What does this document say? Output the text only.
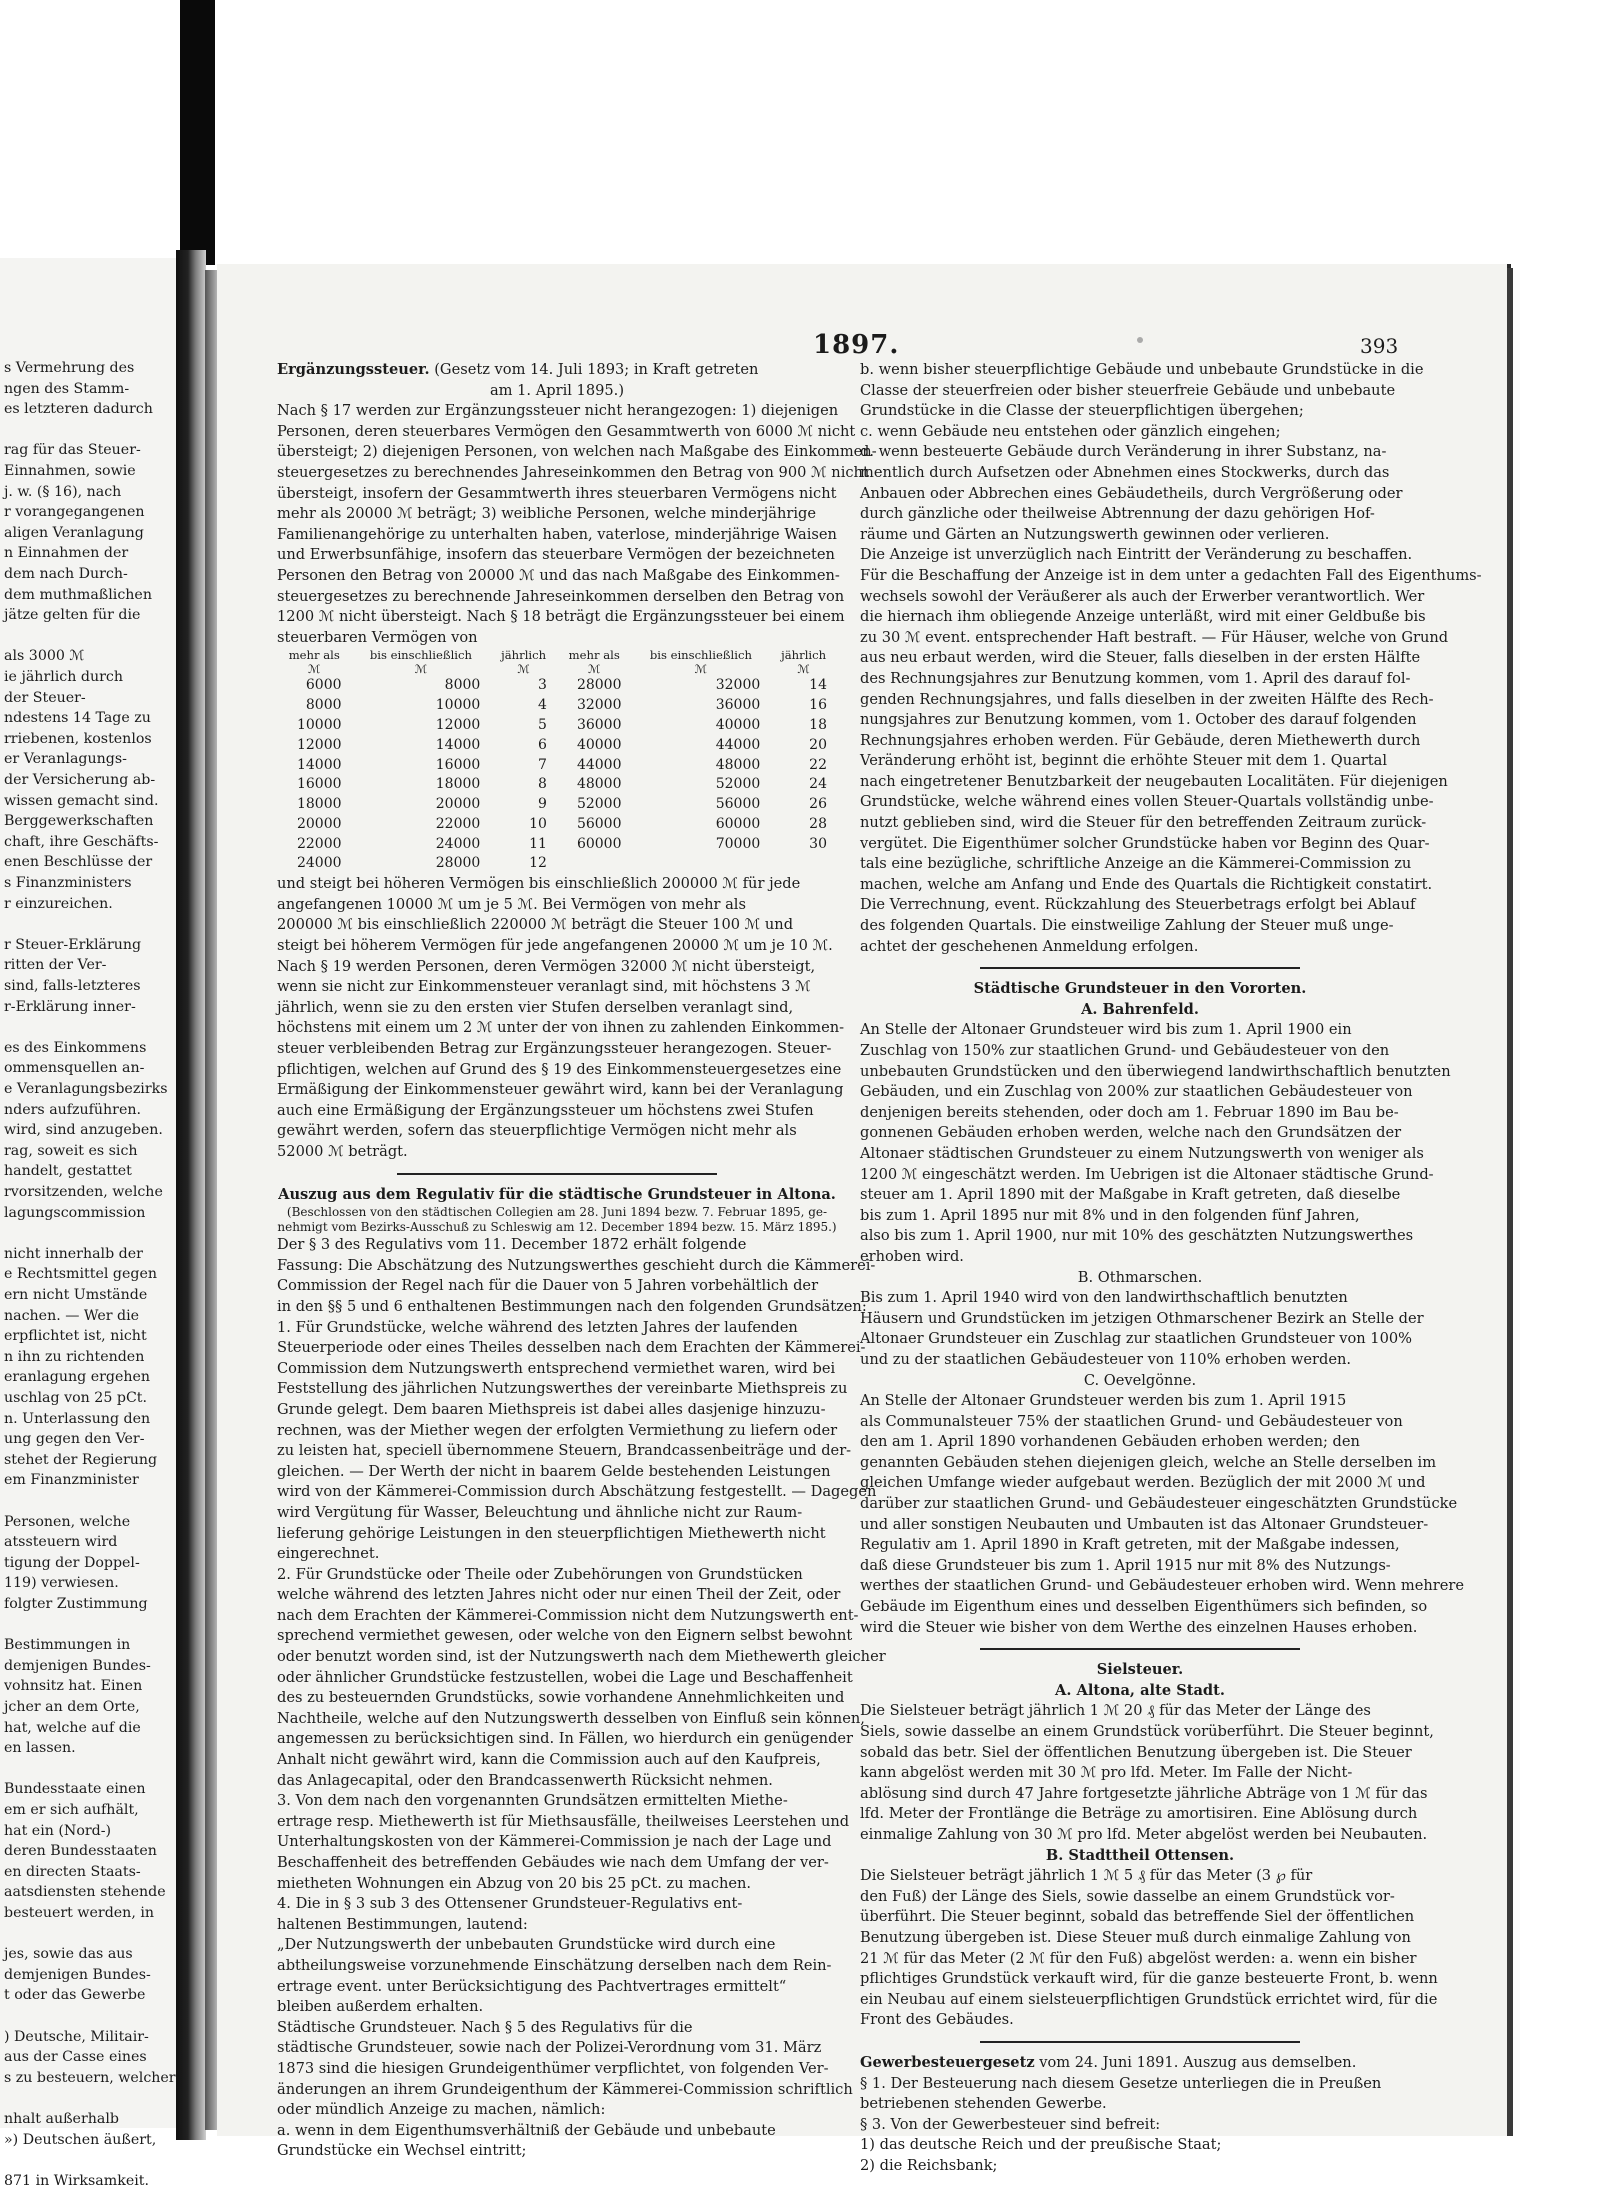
s Vermehrung des
ngen des Stamm-
es letzteren dadurch
rag für das Steuer-
Einnahmen, sowie
j. w. (§ 16), nach
r vorangegangenen
aligen Veranlagung
n Einnahmen der
dem nach Durch-
dem muthmaßlichen
jätze gelten für die
als 3000 ℳ
ie jährlich durch
der Steuer-
ndestens 14 Tage zu
rriebenen, kostenlos
er Veranlagungs-
der Versicherung ab-
wissen gemacht sind.
Berggewerkschaften
chaft, ihre Geschäfts-
enen Beschlüsse der
s Finanzministers
r einzureichen.
r Steuer-Erklärung
ritten der Ver-
sind, falls-letzteres
r-Erklärung inner-
es des Einkommens
ommensquellen an-
e Veranlagungsbezirks
nders aufzuführen.
wird, sind anzugeben.
rag, soweit es sich
handelt, gestattet
rvorsitzenden, welche
lagungscommission
nicht innerhalb der
e Rechtsmittel gegen
ern nicht Umstände
nachen. — Wer die
erpflichtet ist, nicht
n ihn zu richtenden
eranlagung ergehen
uschlag von 25 pCt.
n. Unterlassung den
ung gegen den Ver-
stehet der Regierung
em Finanzminister
Personen, welche
atssteuern wird
tigung der Doppel-
119) verwiesen.
folgter Zustimmung
Bestimmungen in
demjenigen Bundes-
vohnsitz hat. Einen
jcher an dem Orte,
hat, welche auf die
en lassen.
Bundesstaate einen
em er sich aufhält,
hat ein (Nord-)
deren Bundesstaaten
en directen Staats-
aatsdiensten stehende
besteuert werden, in
jes, sowie das aus
demjenigen Bundes-
t oder das Gewerbe
) Deutsche, Militair-
aus der Casse eines
s zu besteuern, welcher
nhalt außerhalb
») Deutschen äußert,
871 in Wirksamkeit.
1897.	393
Ergänzungssteuer. (Gesetz vom 14. Juli 1893; in Kraft getreten
am 1. April 1895.)
Nach § 17 werden zur Ergänzungssteuer nicht herangezogen: 1) diejenigen
Personen, deren steuerbares Vermögen den Gesammtwerth von 6000 ℳ nicht
übersteigt; 2) diejenigen Personen, von welchen nach Maßgabe des Einkommen-
steuergesetzes zu berechnendes Jahreseinkommen den Betrag von 900 ℳ nicht
übersteigt, insofern der Gesammtwerth ihres steuerbaren Vermögens nicht
mehr als 20000 ℳ beträgt; 3) weibliche Personen, welche minderjährige
Familienangehörige zu unterhalten haben, vaterlose, minderjährige Waisen
und Erwerbsunfähige, insofern das steuerbare Vermögen der bezeichneten
Personen den Betrag von 20000 ℳ und das nach Maßgabe des Einkommen-
steuergesetzes zu berechnende Jahreseinkommen derselben den Betrag von
1200 ℳ nicht übersteigt. Nach § 18 beträgt die Ergänzungssteuer bei einem
steuerbaren Vermögen von
mehr als	bis einschließlich	jährlich	mehr als	bis einschließlich	jährlich
ℳ	ℳ	ℳ	ℳ	ℳ	ℳ
6000	8000	3	28000	32000	14
8000	10000	4	32000	36000	16
10000	12000	5	36000	40000	18
12000	14000	6	40000	44000	20
14000	16000	7	44000	48000	22
16000	18000	8	48000	52000	24
18000	20000	9	52000	56000	26
20000	22000	10	56000	60000	28
22000	24000	11	60000	70000	30
24000	28000	12			
und steigt bei höheren Vermögen bis einschließlich 200000 ℳ für jede
angefangenen 10000 ℳ um je 5 ℳ. Bei Vermögen von mehr als
200000 ℳ bis einschließlich 220000 ℳ beträgt die Steuer 100 ℳ und
steigt bei höherem Vermögen für jede angefangenen 20000 ℳ um je 10 ℳ.
Nach § 19 werden Personen, deren Vermögen 32000 ℳ nicht übersteigt,
wenn sie nicht zur Einkommensteuer veranlagt sind, mit höchstens 3 ℳ
jährlich, wenn sie zu den ersten vier Stufen derselben veranlagt sind,
höchstens mit einem um 2 ℳ unter der von ihnen zu zahlenden Einkommen-
steuer verbleibenden Betrag zur Ergänzungssteuer herangezogen. Steuer-
pflichtigen, welchen auf Grund des § 19 des Einkommensteuergesetzes eine
Ermäßigung der Einkommensteuer gewährt wird, kann bei der Veranlagung
auch eine Ermäßigung der Ergänzungssteuer um höchstens zwei Stufen
gewährt werden, sofern das steuerpflichtige Vermögen nicht mehr als
52000 ℳ beträgt.
Auszug aus dem Regulativ für die städtische Grundsteuer in Altona.
(Beschlossen von den städtischen Collegien am 28. Juni 1894 bezw. 7. Februar 1895, ge-
nehmigt vom Bezirks-Ausschuß zu Schleswig am 12. December 1894 bezw. 15. März 1895.)
Der § 3 des Regulativs vom 11. December 1872 erhält folgende
Fassung: Die Abschätzung des Nutzungswerthes geschieht durch die Kämmerei-
Commission der Regel nach für die Dauer von 5 Jahren vorbehältlich der
in den §§ 5 und 6 enthaltenen Bestimmungen nach den folgenden Grundsätzen:
1. Für Grundstücke, welche während des letzten Jahres der laufenden
Steuerperiode oder eines Theiles desselben nach dem Erachten der Kämmerei-
Commission dem Nutzungswerth entsprechend vermiethet waren, wird bei
Feststellung des jährlichen Nutzungswerthes der vereinbarte Miethspreis zu
Grunde gelegt. Dem baaren Miethspreis ist dabei alles dasjenige hinzuzu-
rechnen, was der Miether wegen der erfolgten Vermiethung zu liefern oder
zu leisten hat, speciell übernommene Steuern, Brandcassenbeiträge und der-
gleichen. — Der Werth der nicht in baarem Gelde bestehenden Leistungen
wird von der Kämmerei-Commission durch Abschätzung festgestellt. — Dagegen
wird Vergütung für Wasser, Beleuchtung und ähnliche nicht zur Raum-
lieferung gehörige Leistungen in den steuerpflichtigen Miethewerth nicht
eingerechnet.
2. Für Grundstücke oder Theile oder Zubehörungen von Grundstücken
welche während des letzten Jahres nicht oder nur einen Theil der Zeit, oder
nach dem Erachten der Kämmerei-Commission nicht dem Nutzungswerth ent-
sprechend vermiethet gewesen, oder welche von den Eignern selbst bewohnt
oder benutzt worden sind, ist der Nutzungswerth nach dem Miethewerth gleicher
oder ähnlicher Grundstücke festzustellen, wobei die Lage und Beschaffenheit
des zu besteuernden Grundstücks, sowie vorhandene Annehmlichkeiten und
Nachtheile, welche auf den Nutzungswerth desselben von Einfluß sein können,
angemessen zu berücksichtigen sind. In Fällen, wo hierdurch ein genügender
Anhalt nicht gewährt wird, kann die Commission auch auf den Kaufpreis,
das Anlagecapital, oder den Brandcassenwerth Rücksicht nehmen.
3. Von dem nach den vorgenannten Grundsätzen ermittelten Miethe-
ertrage resp. Miethewerth ist für Miethsausfälle, theilweises Leerstehen und
Unterhaltungskosten von der Kämmerei-Commission je nach der Lage und
Beschaffenheit des betreffenden Gebäudes wie nach dem Umfang der ver-
mietheten Wohnungen ein Abzug von 20 bis 25 pCt. zu machen.
4. Die in § 3 sub 3 des Ottensener Grundsteuer-Regulativs ent-
haltenen Bestimmungen, lautend:
„Der Nutzungswerth der unbebauten Grundstücke wird durch eine
abtheilungsweise vorzunehmende Einschätzung derselben nach dem Rein-
ertrage event. unter Berücksichtigung des Pachtvertrages ermittelt“
bleiben außerdem erhalten.
Städtische Grundsteuer. Nach § 5 des Regulativs für die
städtische Grundsteuer, sowie nach der Polizei-Verordnung vom 31. März
1873 sind die hiesigen Grundeigenthümer verpflichtet, von folgenden Ver-
änderungen an ihrem Grundeigenthum der Kämmerei-Commission schriftlich
oder mündlich Anzeige zu machen, nämlich:
a. wenn in dem Eigenthumsverhältniß der Gebäude und unbebaute
Grundstücke ein Wechsel eintritt;
b. wenn bisher steuerpflichtige Gebäude und unbebaute Grundstücke in die
Classe der steuerfreien oder bisher steuerfreie Gebäude und unbebaute
Grundstücke in die Classe der steuerpflichtigen übergehen;
c. wenn Gebäude neu entstehen oder gänzlich eingehen;
d. wenn besteuerte Gebäude durch Veränderung in ihrer Substanz, na-
mentlich durch Aufsetzen oder Abnehmen eines Stockwerks, durch das
Anbauen oder Abbrechen eines Gebäudetheils, durch Vergrößerung oder
durch gänzliche oder theilweise Abtrennung der dazu gehörigen Hof-
räume und Gärten an Nutzungswerth gewinnen oder verlieren.
Die Anzeige ist unverzüglich nach Eintritt der Veränderung zu beschaffen.
Für die Beschaffung der Anzeige ist in dem unter a gedachten Fall des Eigenthums-
wechsels sowohl der Veräußerer als auch der Erwerber verantwortlich. Wer
die hiernach ihm obliegende Anzeige unterläßt, wird mit einer Geldbuße bis
zu 30 ℳ event. entsprechender Haft bestraft. — Für Häuser, welche von Grund
aus neu erbaut werden, wird die Steuer, falls dieselben in der ersten Hälfte
des Rechnungsjahres zur Benutzung kommen, vom 1. April des darauf fol-
genden Rechnungsjahres, und falls dieselben in der zweiten Hälfte des Rech-
nungsjahres zur Benutzung kommen, vom 1. October des darauf folgenden
Rechnungsjahres erhoben werden. Für Gebäude, deren Miethewerth durch
Veränderung erhöht ist, beginnt die erhöhte Steuer mit dem 1. Quartal
nach eingetretener Benutzbarkeit der neugebauten Localitäten. Für diejenigen
Grundstücke, welche während eines vollen Steuer-Quartals vollständig unbe-
nutzt geblieben sind, wird die Steuer für den betreffenden Zeitraum zurück-
vergütet. Die Eigenthümer solcher Grundstücke haben vor Beginn des Quar-
tals eine bezügliche, schriftliche Anzeige an die Kämmerei-Commission zu
machen, welche am Anfang und Ende des Quartals die Richtigkeit constatirt.
Die Verrechnung, event. Rückzahlung des Steuerbetrags erfolgt bei Ablauf
des folgenden Quartals. Die einstweilige Zahlung der Steuer muß unge-
achtet der geschehenen Anmeldung erfolgen.
Städtische Grundsteuer in den Vororten.
A. Bahrenfeld.
An Stelle der Altonaer Grundsteuer wird bis zum 1. April 1900 ein
Zuschlag von 150% zur staatlichen Grund- und Gebäudesteuer von den
unbebauten Grundstücken und den überwiegend landwirthschaftlich benutzten
Gebäuden, und ein Zuschlag von 200% zur staatlichen Gebäudesteuer von
denjenigen bereits stehenden, oder doch am 1. Februar 1890 im Bau be-
gonnenen Gebäuden erhoben werden, welche nach den Grundsätzen der
Altonaer städtischen Grundsteuer zu einem Nutzungswerth von weniger als
1200 ℳ eingeschätzt werden. Im Uebrigen ist die Altonaer städtische Grund-
steuer am 1. April 1890 mit der Maßgabe in Kraft getreten, daß dieselbe
bis zum 1. April 1895 nur mit 8% und in den folgenden fünf Jahren,
also bis zum 1. April 1900, nur mit 10% des geschätzten Nutzungswerthes
erhoben wird.
B. Othmarschen.
Bis zum 1. April 1940 wird von den landwirthschaftlich benutzten
Häusern und Grundstücken im jetzigen Othmarschener Bezirk an Stelle der
Altonaer Grundsteuer ein Zuschlag zur staatlichen Grundsteuer von 100%
und zu der staatlichen Gebäudesteuer von 110% erhoben werden.
C. Oevelgönne.
An Stelle der Altonaer Grundsteuer werden bis zum 1. April 1915
als Communalsteuer 75% der staatlichen Grund- und Gebäudesteuer von
den am 1. April 1890 vorhandenen Gebäuden erhoben werden; den
genannten Gebäuden stehen diejenigen gleich, welche an Stelle derselben im
gleichen Umfange wieder aufgebaut werden. Bezüglich der mit 2000 ℳ und
darüber zur staatlichen Grund- und Gebäudesteuer eingeschätzten Grundstücke
und aller sonstigen Neubauten und Umbauten ist das Altonaer Grundsteuer-
Regulativ am 1. April 1890 in Kraft getreten, mit der Maßgabe indessen,
daß diese Grundsteuer bis zum 1. April 1915 nur mit 8% des Nutzungs-
werthes der staatlichen Grund- und Gebäudesteuer erhoben wird. Wenn mehrere
Gebäude im Eigenthum eines und desselben Eigenthümers sich befinden, so
wird die Steuer wie bisher von dem Werthe des einzelnen Hauses erhoben.
Sielsteuer.
A. Altona, alte Stadt.
Die Sielsteuer beträgt jährlich 1 ℳ 20 ₰ für das Meter der Länge des
Siels, sowie dasselbe an einem Grundstück vorüberführt. Die Steuer beginnt,
sobald das betr. Siel der öffentlichen Benutzung übergeben ist. Die Steuer
kann abgelöst werden mit 30 ℳ pro lfd. Meter. Im Falle der Nicht-
ablösung sind durch 47 Jahre fortgesetzte jährliche Abträge von 1 ℳ für das
lfd. Meter der Frontlänge die Beträge zu amortisiren. Eine Ablösung durch
einmalige Zahlung von 30 ℳ pro lfd. Meter abgelöst werden bei Neubauten.
B. Stadttheil Ottensen.
Die Sielsteuer beträgt jährlich 1 ℳ 5 ₰ für das Meter (3 ℘ für
den Fuß) der Länge des Siels, sowie dasselbe an einem Grundstück vor-
überführt. Die Steuer beginnt, sobald das betreffende Siel der öffentlichen
Benutzung übergeben ist. Diese Steuer muß durch einmalige Zahlung von
21 ℳ für das Meter (2 ℳ für den Fuß) abgelöst werden: a. wenn ein bisher
pflichtiges Grundstück verkauft wird, für die ganze besteuerte Front, b. wenn
ein Neubau auf einem sielsteuerpflichtigen Grundstück errichtet wird, für die
Front des Gebäudes.
Gewerbesteuergesetz vom 24. Juni 1891. Auszug aus demselben.
§ 1. Der Besteuerung nach diesem Gesetze unterliegen die in Preußen
betriebenen stehenden Gewerbe.
§ 3. Von der Gewerbesteuer sind befreit:
1) das deutsche Reich und der preußische Staat;
2) die Reichsbank;
